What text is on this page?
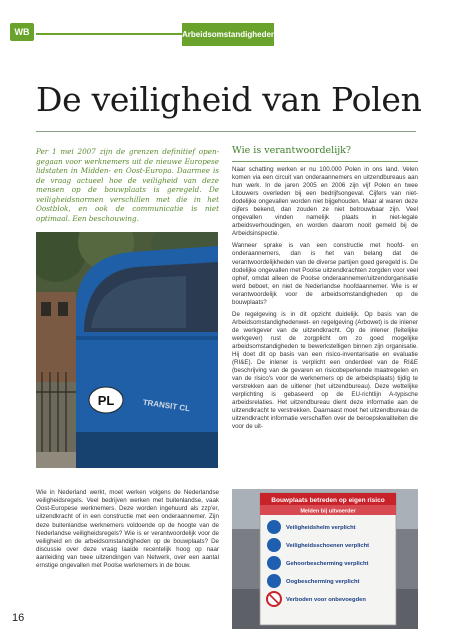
WB	Arbeidsomstandigheden
De veiligheid van Polen
Per 1 mei 2007 zijn de grenzen definitief open-gegaan voor werknemers uit de nieuwe Europese lidstaten in Midden- en Oost-Europa. Daarmee is de vraag actueel hoe de veiligheid van deze mensen op de bouwplaats is geregeld. De veiligheidsnormen verschillen met die in het Oostblok, en ook de communicatie is niet optimaal. Een beschouwing.
PL	TRANSIT CL
Wie is verantwoordelijk?

Naar schatting werken er nu 100.000 Polen in ons land. Velen komen via een circuit van onderaannemers en uitzendbureaus aan hun werk. In de jaren 2005 en 2006 zijn vijf Polen en twee Litouwers overleden bij een bedrijfsongeval. Cijfers van niet-dodelijke ongevallen worden niet bijgehouden. Maar al waren deze cijfers bekend, dan zouden ze niet betrouwbaar zijn. Veel ongevallen vinden namelijk plaats in niet-legale arbeidsverhoudingen, en worden daarom nooit gemeld bij de Arbeidsinspectie.

Wanneer sprake is van een constructie met hoofd- en onderaannemers, dan is het van belang dat de verantwoordelijkheden van de diverse partijen goed geregeld is. De dodelijke ongevallen met Poolse uitzendkrachten zorgden voor veel ophef, omdat alleen de Poolse onderaannemer/uitzendorganisatie werd beboet, en niet de Nederlandse hoofdaannemer. Wie is er verantwoordelijk voor de arbeidsomstandigheden op de bouwplaats?

De regelgeving is in dit opzicht duidelijk. Op basis van de Arbeidsomstandighedenwet- en regelgeving (Arbowet) is de inlener de werkgever van de uitzendkracht. Op de inlener (feitelijke werkgever) rust de zorgplicht om zo goed mogelijke arbeidsomstandigheden te bewerkstelligen binnen zijn organisatie. Hij doet dit op basis van een risico-inventarisatie en evaluatie (RI&E). De inlener is verplicht een onderdeel van de RI&E (beschrijving van de gevaren en risicobeperkende maatregelen en van de risico's voor de werknemers op de arbeidsplaats) tijdig te verstrekken aan de uitlener (het uitzendbureau). Deze wettelijke verplichting is gebaseerd op de EU-richtlijn A-typische arbeidsrelaties. Het uitzendbureau dient deze informatie aan de uitzendkracht te verstrekken. Daarnaast moet het uitzendbureau de uitzendkracht informatie verschaffen over de beroepskwaliteiten die voor de uit-

Wie in Nederland werkt, moet werken volgens de Nederlandse veiligheidsregels. Veel bedrijven werken met buitenlandse, vaak Oost-Europese werknemers. Deze worden ingehuurd als zzp'er, uitzendkracht of in een constructie met een onderaannemer. Zijn deze buitenlandse werknemers voldoende op de hoogte van de Nederlandse veiligheidsregels? Wie is er verantwoordelijk voor de veiligheid en de arbeidsomstandigheden op de bouwplaats? De discussie over deze vraag laaide recentelijk hoog op naar aanleiding van twee uitzendingen van Netwerk, over een aantal ernstige ongevallen met Poolse werknemers in de bouw.
Bouwplaats betreden op eigen risico
Melden bij uitvoerder
Veiligheidshelm verplicht
Veiligheidsschoenen verplicht
Gehoorbescherming verplicht
Oogbescherming verplicht
Verboden voor onbevoegden
16
